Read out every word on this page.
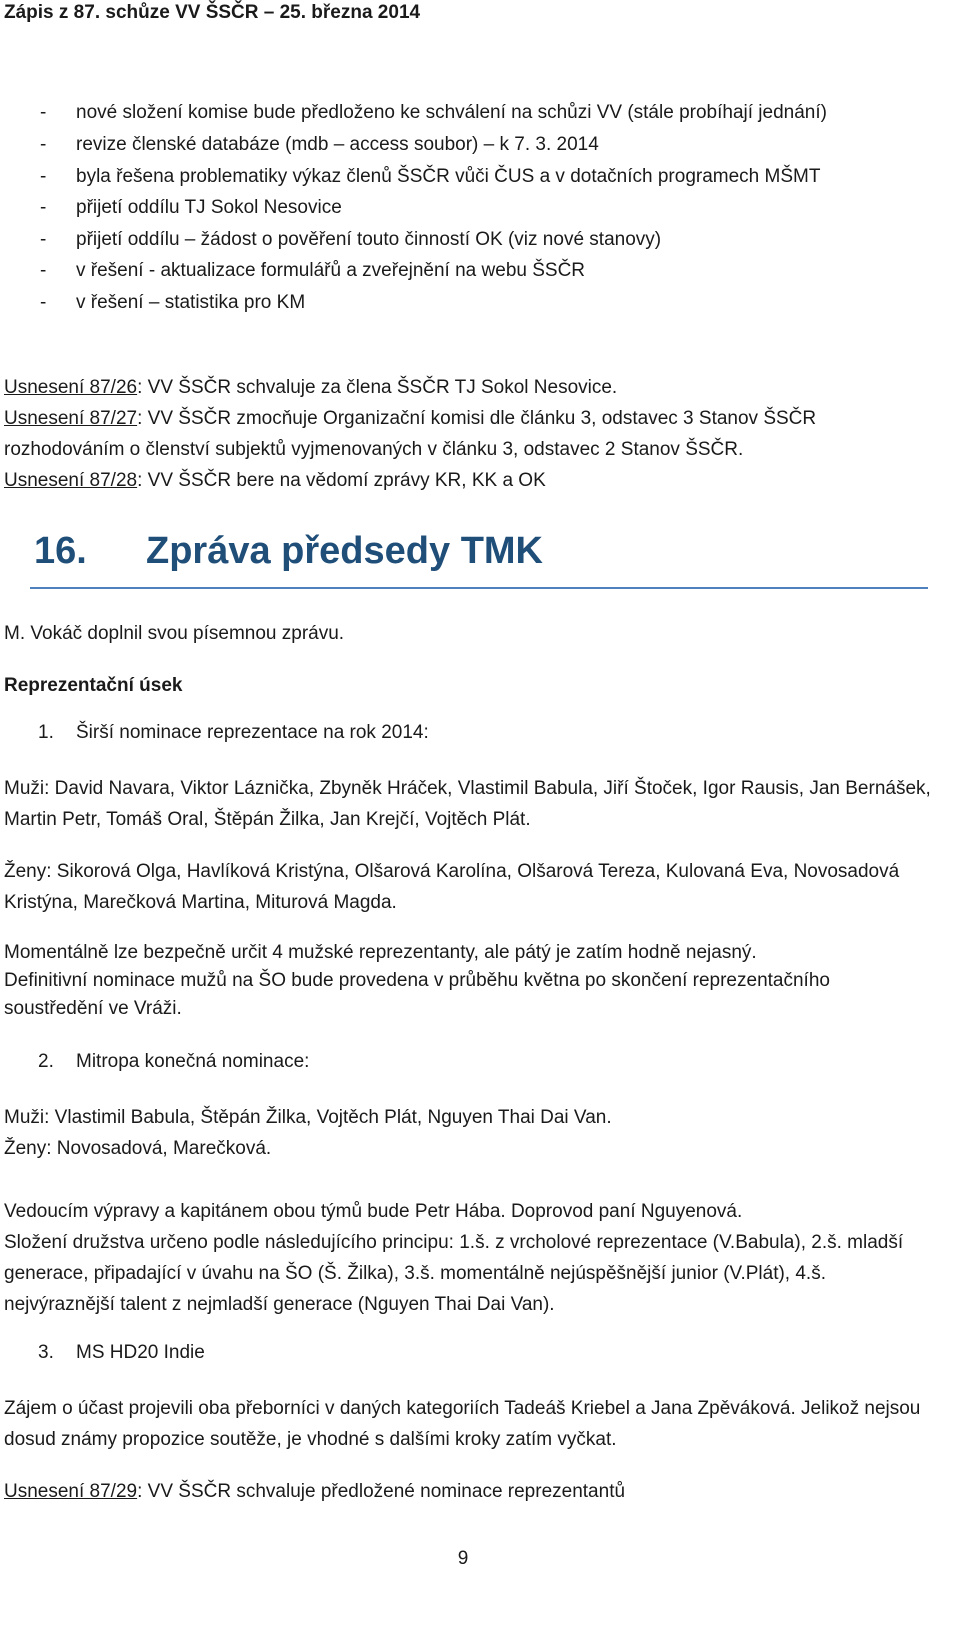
Zápis z 87. schůze VV ŠSČR – 25. března 2014
- nové složení komise bude předloženo ke schválení na schůzi VV (stále probíhají jednání)
- revize členské databáze (mdb – access soubor) – k 7. 3. 2014
- byla řešena problematiky výkaz členů ŠSČR vůči ČUS a v dotačních programech MŠMT
- přijetí oddílu TJ Sokol Nesovice
- přijetí oddílu – žádost o pověření touto činností OK (viz nové stanovy)
- v řešení - aktualizace formulářů a zveřejnění na webu ŠSČR
- v řešení – statistika pro KM
Usnesení 87/26: VV ŠSČR schvaluje za člena ŠSČR TJ Sokol Nesovice.
Usnesení 87/27: VV ŠSČR zmocňuje Organizační komisi dle článku 3, odstavec 3 Stanov ŠSČR rozhodováním o členství subjektů vyjmenovaných v článku 3, odstavec 2 Stanov ŠSČR.
Usnesení 87/28: VV ŠSČR bere na vědomí zprávy KR, KK a OK
16. Zpráva předsedy TMK
M. Vokáč doplnil svou písemnou zprávu.
Reprezentační úsek
1. Širší nominace reprezentace na rok 2014:
Muži: David Navara, Viktor Láznička, Zbyněk Hráček, Vlastimil Babula, Jiří Štoček, Igor Rausis, Jan Bernášek, Martin Petr, Tomáš Oral, Štěpán Žilka, Jan Krejčí, Vojtěch Plát.
Ženy: Sikorová Olga, Havlíková Kristýna, Olšarová Karolína, Olšarová Tereza, Kulovaná Eva, Novosadová Kristýna, Marečková Martina, Miturová Magda.
Momentálně lze bezpečně určit 4 mužské reprezentanty, ale pátý je zatím hodně nejasný.
Definitivní nominace mužů na ŠO bude provedena v průběhu května po skončení reprezentačního soustředění ve Vráži.
2. Mitropa konečná nominace:
Muži: Vlastimil Babula, Štěpán Žilka, Vojtěch Plát, Nguyen Thai Dai Van.
Ženy: Novosadová, Marečková.
Vedoucím výpravy a kapitánem obou týmů bude Petr Hába. Doprovod paní Nguyenová.
Složení družstva určeno podle následujícího principu: 1.š. z vrcholové reprezentace (V.Babula), 2.š. mladší generace, připadající v úvahu na ŠO (Š. Žilka), 3.š. momentálně nejúspěšnější junior (V.Plát), 4.š. nejvýraznější talent z nejmladší generace (Nguyen Thai Dai Van).
3. MS HD20 Indie
Zájem o účast projevili oba přeborníci v daných kategoriích Tadeáš Kriebel a Jana Zpěváková. Jelikož nejsou dosud známy propozice soutěže, je vhodné s dalšími kroky zatím vyčkat.
Usnesení 87/29: VV ŠSČR schvaluje předložené nominace reprezentantů
9
